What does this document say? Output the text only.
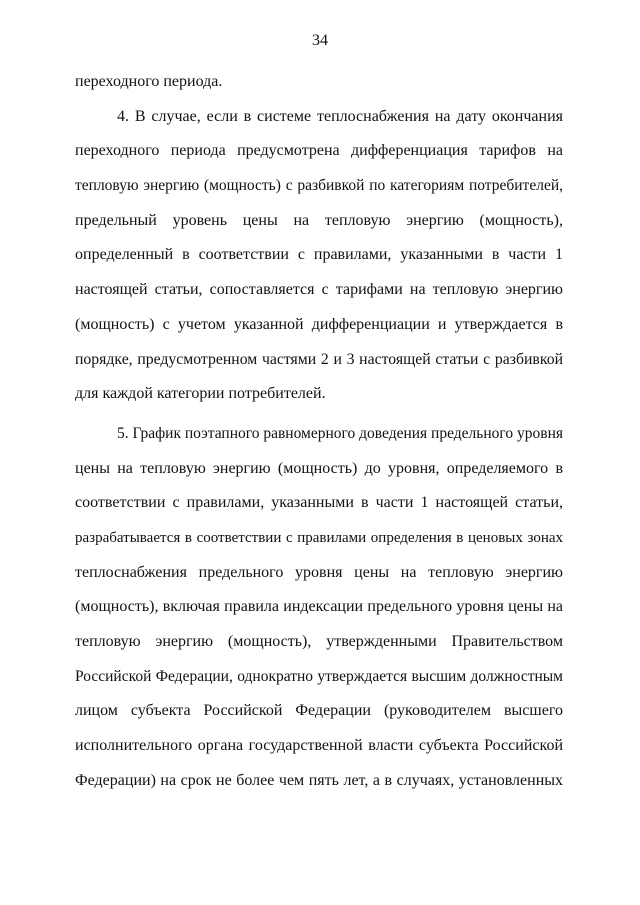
34
переходного периода.
4. В случае, если в системе теплоснабжения на дату окончания
переходного периода предусмотрена дифференциация тарифов на
тепловую энергию (мощность) с разбивкой по категориям потребителей,
предельный уровень цены на тепловую энергию (мощность),
определенный в соответствии с правилами, указанными в части 1
настоящей статьи, сопоставляется с тарифами на тепловую энергию
(мощность) с учетом указанной дифференциации и утверждается в
порядке, предусмотренном частями 2 и 3 настоящей статьи с разбивкой
для каждой категории потребителей.
5. График поэтапного равномерного доведения предельного уровня
цены на тепловую энергию (мощность) до уровня, определяемого в
соответствии с правилами, указанными в части 1 настоящей статьи,
разрабатывается в соответствии с правилами определения в ценовых зонах
теплоснабжения предельного уровня цены на тепловую энергию
(мощность), включая правила индексации предельного уровня цены на
тепловую энергию (мощность), утвержденными Правительством
Российской Федерации, однократно утверждается высшим должностным
лицом субъекта Российской Федерации (руководителем высшего
исполнительного органа государственной власти субъекта Российской
Федерации) на срок не более чем пять лет, а в случаях, установленных
